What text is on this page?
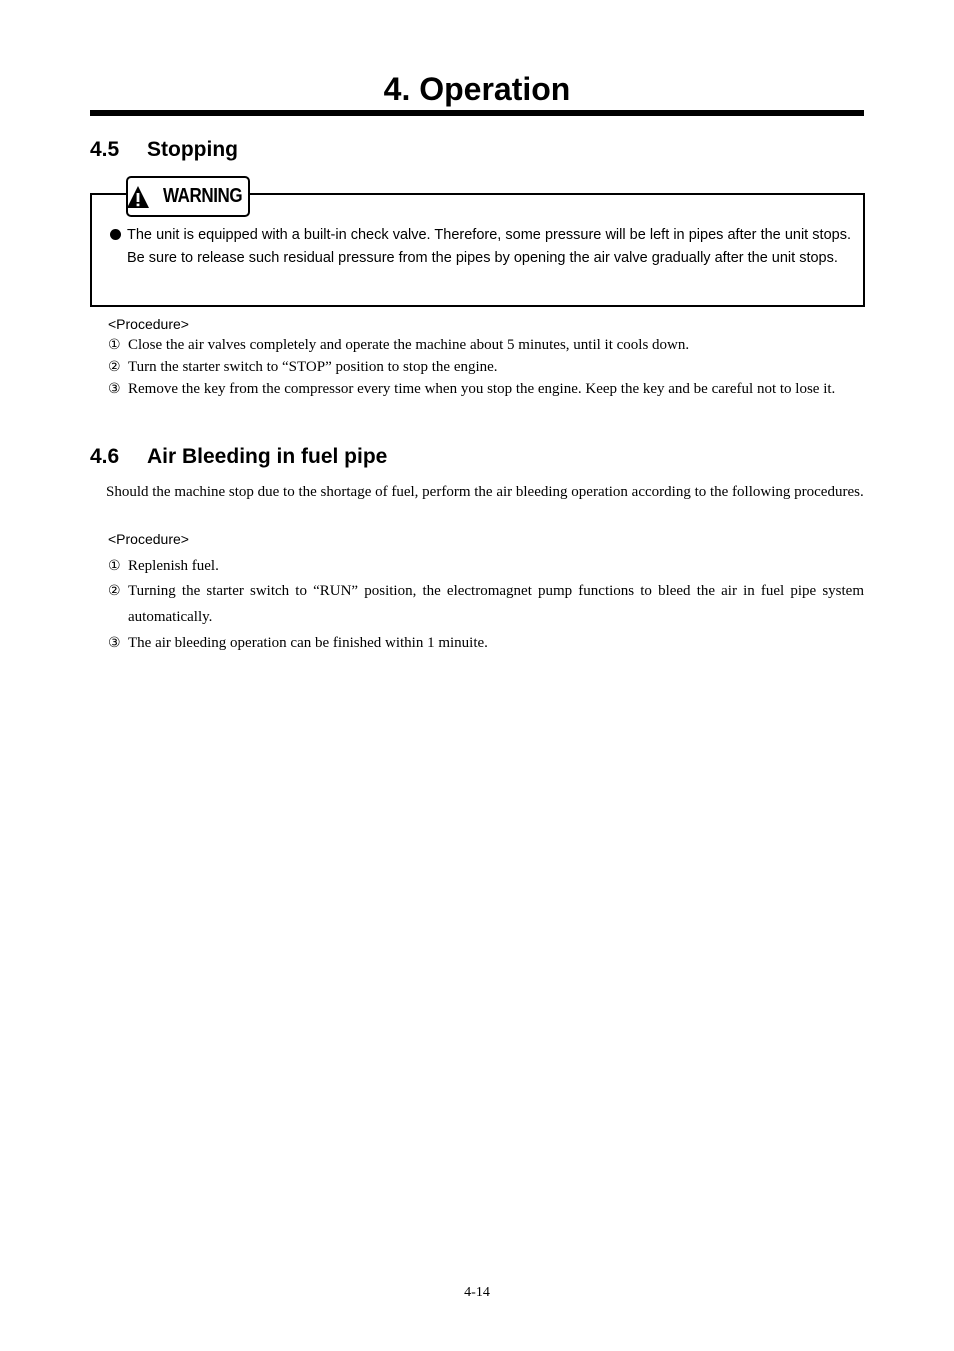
4. Operation
4.5 Stopping
WARNING
The unit is equipped with a built-in check valve. Therefore, some pressure will be left in pipes after the unit stops. Be sure to release such residual pressure from the pipes by opening the air valve gradually after the unit stops.
<Procedure>
① Close the air valves completely and operate the machine about 5 minutes, until it cools down.
② Turn the starter switch to “STOP” position to stop the engine.
③ Remove the key from the compressor every time when you stop the engine. Keep the key and be careful not to lose it.
4.6 Air Bleeding in fuel pipe
Should the machine stop due to the shortage of fuel, perform the air bleeding operation according to the following procedures.
<Procedure>
① Replenish fuel.
② Turning the starter switch to “RUN” position, the electromagnet pump functions to bleed the air in fuel pipe system automatically.
③ The air bleeding operation can be finished within 1 minuite.
4-14
